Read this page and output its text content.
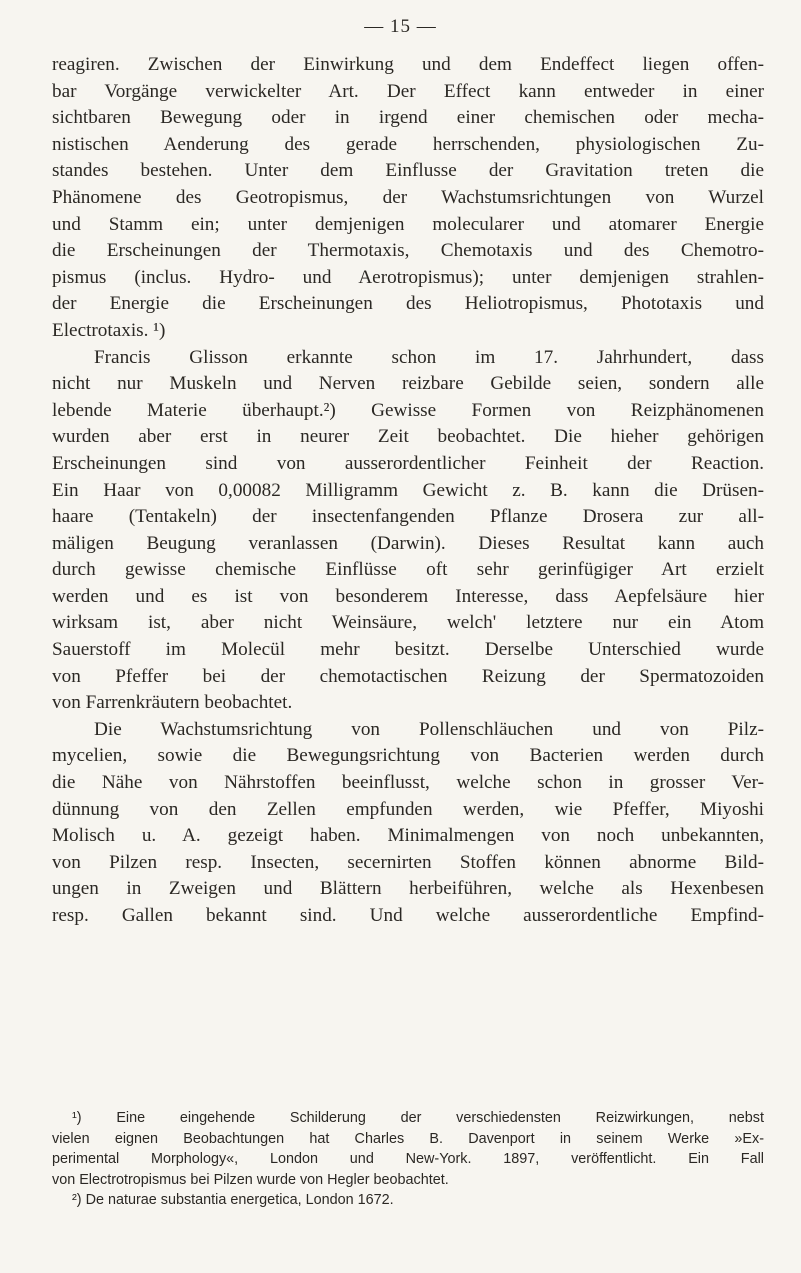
— 15 —
reagiren. Zwischen der Einwirkung und dem Endeffect liegen offen-
bar Vorgänge verwickelter Art. Der Effect kann entweder in einer
sichtbaren Bewegung oder in irgend einer chemischen oder mecha-
nistischen Aenderung des gerade herrschenden, physiologischen Zu-
standes bestehen. Unter dem Einflusse der Gravitation treten die
Phänomene des Geotropismus, der Wachstumsrichtungen von Wurzel
und Stamm ein; unter demjenigen molecularer und atomarer Energie
die Erscheinungen der Thermotaxis, Chemotaxis und des Chemotro-
pismus (inclus. Hydro- und Aerotropismus); unter demjenigen strahlen-
der Energie die Erscheinungen des Heliotropismus, Phototaxis und
Electrotaxis. ¹)
Francis Glisson erkannte schon im 17. Jahrhundert, dass
nicht nur Muskeln und Nerven reizbare Gebilde seien, sondern alle
lebende Materie überhaupt.²) Gewisse Formen von Reizphänomenen
wurden aber erst in neurer Zeit beobachtet. Die hieher gehörigen
Erscheinungen sind von ausserordentlicher Feinheit der Reaction.
Ein Haar von 0,00082 Milligramm Gewicht z. B. kann die Drüsen-
haare (Tentakeln) der insectenfangenden Pflanze Drosera zur all-
mäligen Beugung veranlassen (Darwin). Dieses Resultat kann auch
durch gewisse chemische Einflüsse oft sehr gerinfügiger Art erzielt
werden und es ist von besonderem Interesse, dass Aepfelsäure hier
wirksam ist, aber nicht Weinsäure, welch' letztere nur ein Atom
Sauerstoff im Molecül mehr besitzt. Derselbe Unterschied wurde
von Pfeffer bei der chemotactischen Reizung der Spermatozoiden
von Farrenkräutern beobachtet.
Die Wachstumsrichtung von Pollenschläuchen und von Pilz-
mycelien, sowie die Bewegungsrichtung von Bacterien werden durch
die Nähe von Nährstoffen beeinflusst, welche schon in grosser Ver-
dünnung von den Zellen empfunden werden, wie Pfeffer, Miyoshi
Molisch u. A. gezeigt haben. Minimalmengen von noch unbekannten,
von Pilzen resp. Insecten, secernirten Stoffen können abnorme Bild-
ungen in Zweigen und Blättern herbeiführen, welche als Hexenbesen
resp. Gallen bekannt sind. Und welche ausserordentliche Empfind-
¹) Eine eingehende Schilderung der verschiedensten Reizwirkungen, nebst
vielen eignen Beobachtungen hat Charles B. Davenport in seinem Werke »Ex-
perimental Morphology«, London und New-York. 1897, veröffentlicht. Ein Fall
von Electrotropismus bei Pilzen wurde von Hegler beobachtet.
²) De naturae substantia energetica, London 1672.
